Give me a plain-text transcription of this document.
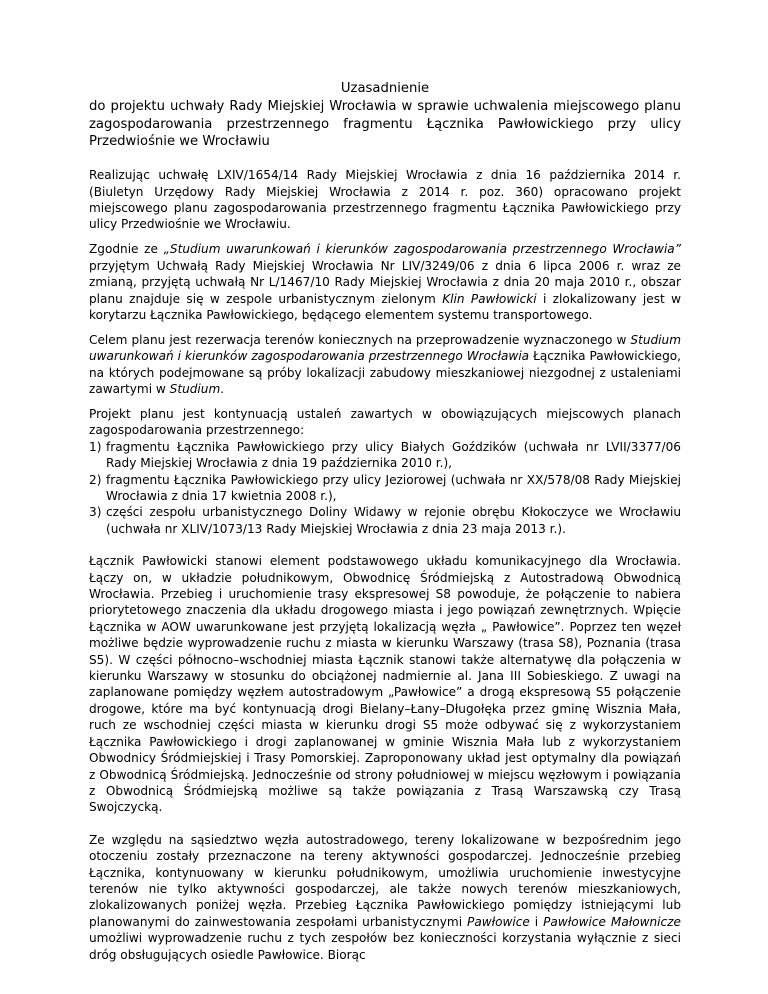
Uzasadnienie
do projektu uchwały Rady Miejskiej Wrocławia w sprawie uchwalenia miejscowego planu zagospodarowania przestrzennego fragmentu Łącznika Pawłowickiego przy ulicy Przedwiośnie we Wrocławiu

Realizując uchwałę LXIV/1654/14 Rady Miejskiej Wrocławia z dnia 16 października 2014 r. (Biuletyn Urzędowy Rady Miejskiej Wrocławia z 2014 r. poz. 360) opracowano projekt miejscowego planu zagospodarowania przestrzennego fragmentu Łącznika Pawłowickiego przy ulicy Przedwiośnie we Wrocławiu.

Zgodnie ze „Studium uwarunkowań i kierunków zagospodarowania przestrzennego Wrocławia” przyjętym Uchwałą Rady Miejskiej Wrocławia Nr LIV/3249/06 z dnia 6 lipca 2006 r. wraz ze zmianą, przyjętą uchwałą Nr L/1467/10 Rady Miejskiej Wrocławia z dnia 20 maja 2010 r., obszar planu znajduje się w zespole urbanistycznym zielonym Klin Pawłowicki i zlokalizowany jest w korytarzu Łącznika Pawłowickiego, będącego elementem systemu transportowego.

Celem planu jest rezerwacja terenów koniecznych na przeprowadzenie wyznaczonego w Studium uwarunkowań i kierunków zagospodarowania przestrzennego Wrocławia Łącznika Pawłowickiego, na których podejmowane są próby lokalizacji zabudowy mieszkaniowej niezgodnej z ustaleniami zawartymi w Studium.

Projekt planu jest kontynuacją ustaleń zawartych w obowiązujących miejscowych planach zagospodarowania przestrzennego:

1) fragmentu Łącznika Pawłowickiego przy ulicy Białych Goździków (uchwała nr LVII/3377/06 Rady Miejskiej Wrocławia z dnia 19 października 2010 r.),
2) fragmentu Łącznika Pawłowickiego przy ulicy Jeziorowej (uchwała nr XX/578/08 Rady Miejskiej Wrocławia z dnia 17 kwietnia 2008 r.),
3) części zespołu urbanistycznego Doliny Widawy w rejonie obrębu Kłokoczyce we Wrocławiu (uchwała nr XLIV/1073/13 Rady Miejskiej Wrocławia z dnia 23 maja 2013 r.).

Łącznik Pawłowicki stanowi element podstawowego układu komunikacyjnego dla Wrocławia. Łączy on, w układzie południkowym, Obwodnicę Śródmiejską z Autostradową Obwodnicą Wrocławia. Przebieg i uruchomienie trasy ekspresowej S8 powoduje, że połączenie to nabiera priorytetowego znaczenia dla układu drogowego miasta i jego powiązań zewnętrznych. Wpięcie Łącznika w AOW uwarunkowane jest przyjętą lokalizacją węzła „ Pawłowice”. Poprzez ten węzeł możliwe będzie wyprowadzenie ruchu z miasta w kierunku Warszawy (trasa S8), Poznania (trasa S5). W części północno–wschodniej miasta Łącznik stanowi także alternatywę dla połączenia w kierunku Warszawy w stosunku do obciążonej nadmiernie al. Jana III Sobieskiego. Z uwagi na zaplanowane pomiędzy węzłem autostradowym „Pawłowice” a drogą ekspresową S5 połączenie drogowe, które ma być kontynuacją drogi Bielany–Łany–Długołęka przez gminę Wisznia Mała, ruch ze wschodniej części miasta w kierunku drogi S5 może odbywać się z wykorzystaniem Łącznika Pawłowickiego i drogi zaplanowanej w gminie Wisznia Mała lub z wykorzystaniem Obwodnicy Śródmiejskiej i Trasy Pomorskiej. Zaproponowany układ jest optymalny dla powiązań z Obwodnicą Śródmiejską. Jednocześnie od strony południowej w miejscu węzłowym i powiązania z Obwodnicą Śródmiejską możliwe są także powiązania z Trasą Warszawską czy Trasą Swojczycką.

Ze względu na sąsiedztwo węzła autostradowego, tereny lokalizowane w bezpośrednim jego otoczeniu zostały przeznaczone na tereny aktywności gospodarczej. Jednocześnie przebieg Łącznika, kontynuowany w kierunku południkowym, umożliwia uruchomienie inwestycyjne terenów nie tylko aktywności gospodarczej, ale także nowych terenów mieszkaniowych, zlokalizowanych poniżej węzła. Przebieg Łącznika Pawłowickiego pomiędzy istniejącymi lub planowanymi do zainwestowania zespołami urbanistycznymi Pawłowice i Pawłowice Małownicze umożliwi wyprowadzenie ruchu z tych zespołów bez konieczności korzystania wyłącznie z sieci dróg obsługujących osiedle Pawłowice. Biorąc
